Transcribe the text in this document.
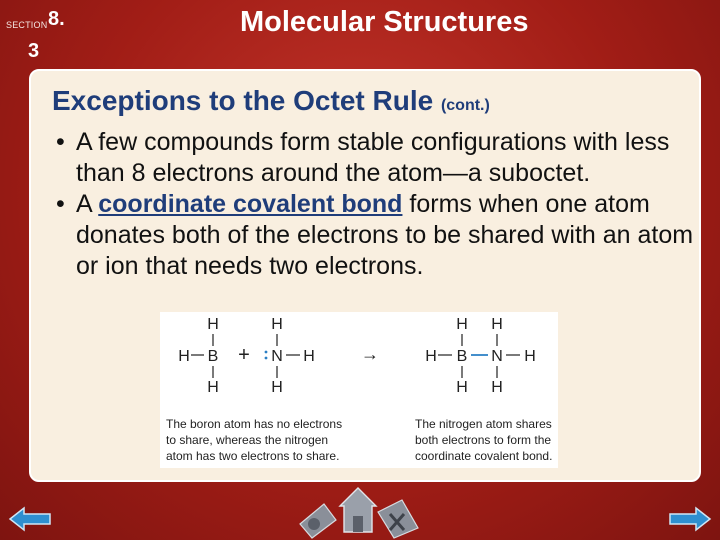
SECTION 8.
3
Molecular Structures
Exceptions to the Octet Rule (cont.)
• A few compounds form stable configurations with less than 8 electrons around the atom—a suboctet.
• A coordinate covalent bond forms when one atom donates both of the electrons to be shared with an atom or ion that needs two electrons.
H
H B
H
+
H
N H
H
→
H H
H B N H
H H
The boron atom has no electrons
to share, whereas the nitrogen
atom has two electrons to share.
The nitrogen atom shares
both electrons to form the
coordinate covalent bond.
